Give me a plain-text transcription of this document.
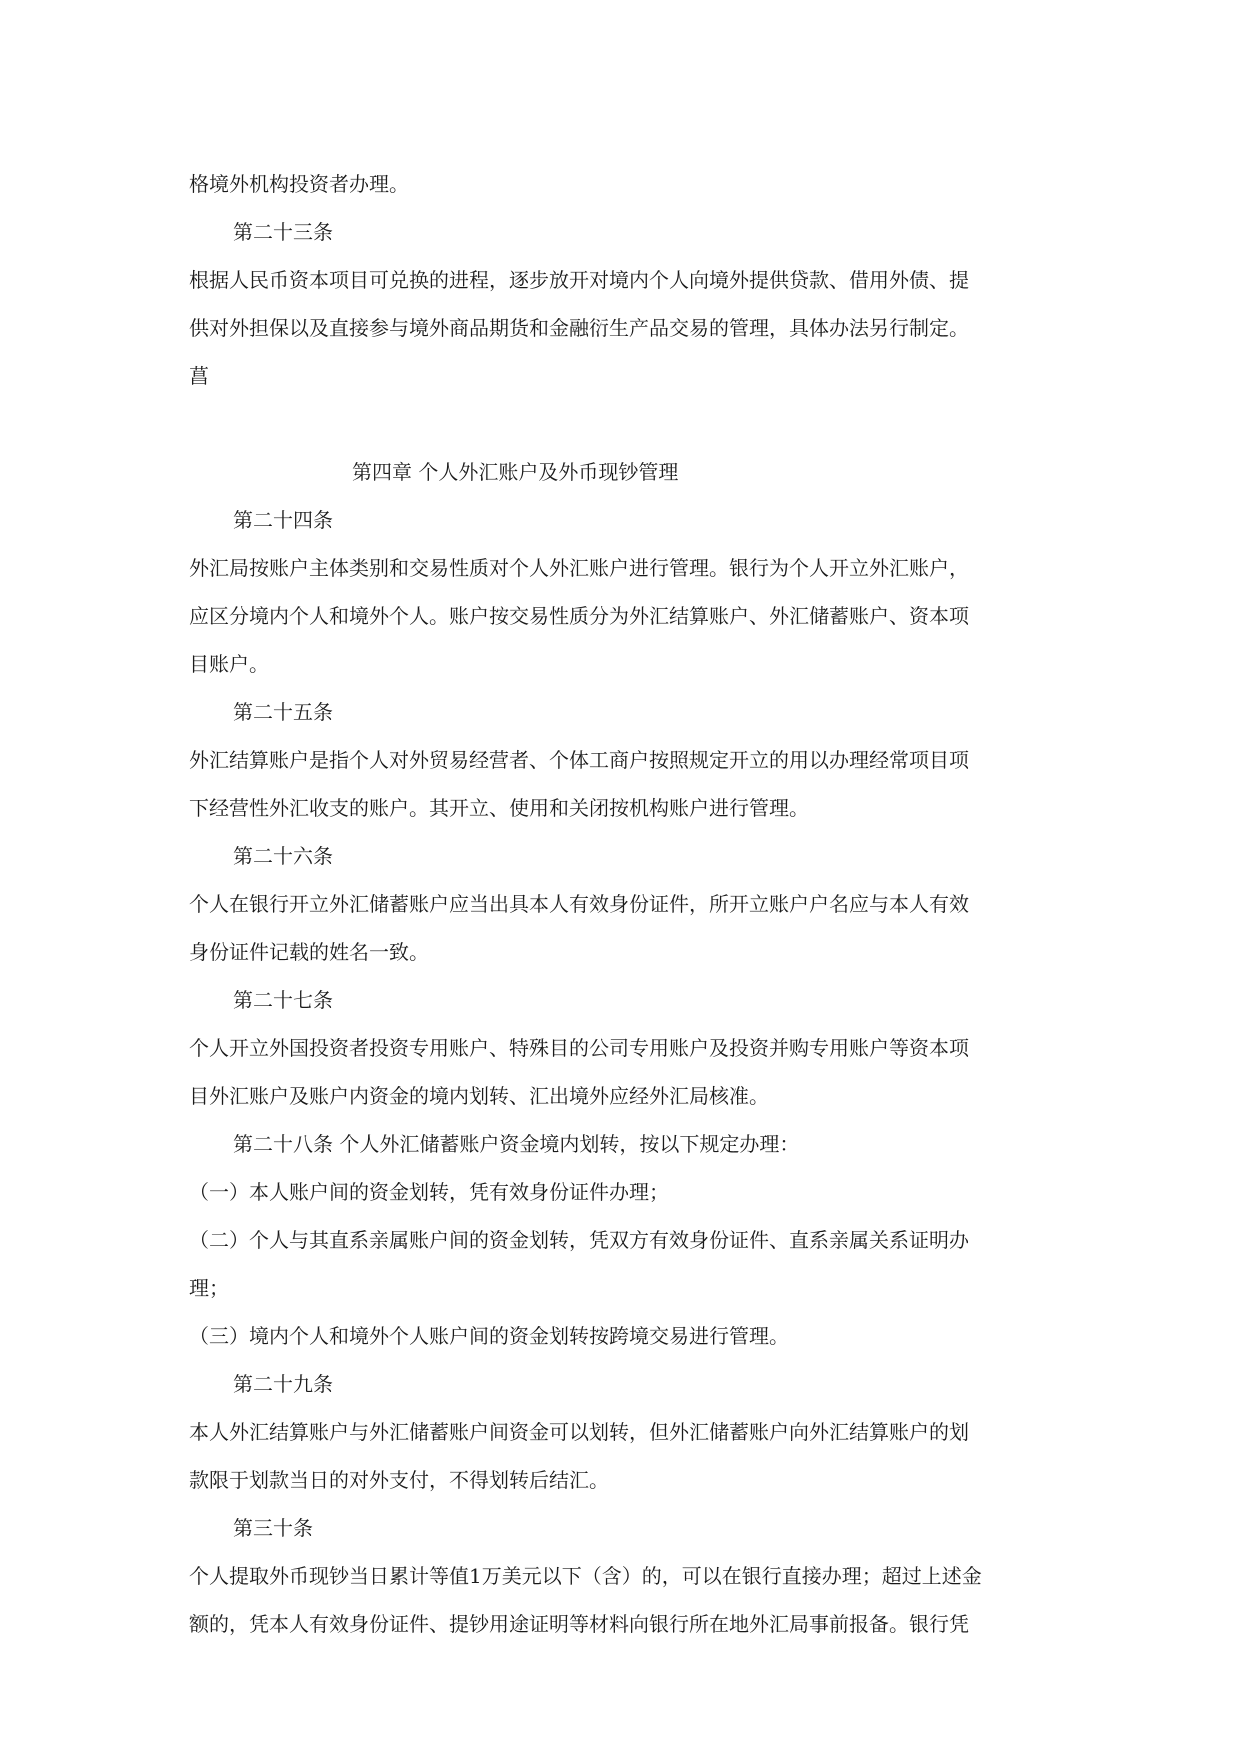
格境外机构投资者办理。
第二十三条
根据人民币资本项目可兑换的进程，逐步放开对境内个人向境外提供贷款、借用外债、提
供对外担保以及直接参与境外商品期货和金融衍生产品交易的管理，具体办法另行制定。
菖
第四章 个人外汇账户及外币现钞管理
第二十四条
外汇局按账户主体类别和交易性质对个人外汇账户进行管理。银行为个人开立外汇账户，
应区分境内个人和境外个人。账户按交易性质分为外汇结算账户、外汇储蓄账户、资本项
目账户。
第二十五条
外汇结算账户是指个人对外贸易经营者、个体工商户按照规定开立的用以办理经常项目项
下经营性外汇收支的账户。其开立、使用和关闭按机构账户进行管理。
第二十六条
个人在银行开立外汇储蓄账户应当出具本人有效身份证件，所开立账户户名应与本人有效
身份证件记载的姓名一致。
第二十七条
个人开立外国投资者投资专用账户、特殊目的公司专用账户及投资并购专用账户等资本项
目外汇账户及账户内资金的境内划转、汇出境外应经外汇局核准。
第二十八条 个人外汇储蓄账户资金境内划转，按以下规定办理：
（一）本人账户间的资金划转，凭有效身份证件办理；
（二）个人与其直系亲属账户间的资金划转，凭双方有效身份证件、直系亲属关系证明办
理；
（三）境内个人和境外个人账户间的资金划转按跨境交易进行管理。
第二十九条
本人外汇结算账户与外汇储蓄账户间资金可以划转，但外汇储蓄账户向外汇结算账户的划
款限于划款当日的对外支付，不得划转后结汇。
第三十条
个人提取外币现钞当日累计等值1万美元以下（含）的，可以在银行直接办理；超过上述金
额的，凭本人有效身份证件、提钞用途证明等材料向银行所在地外汇局事前报备。银行凭
